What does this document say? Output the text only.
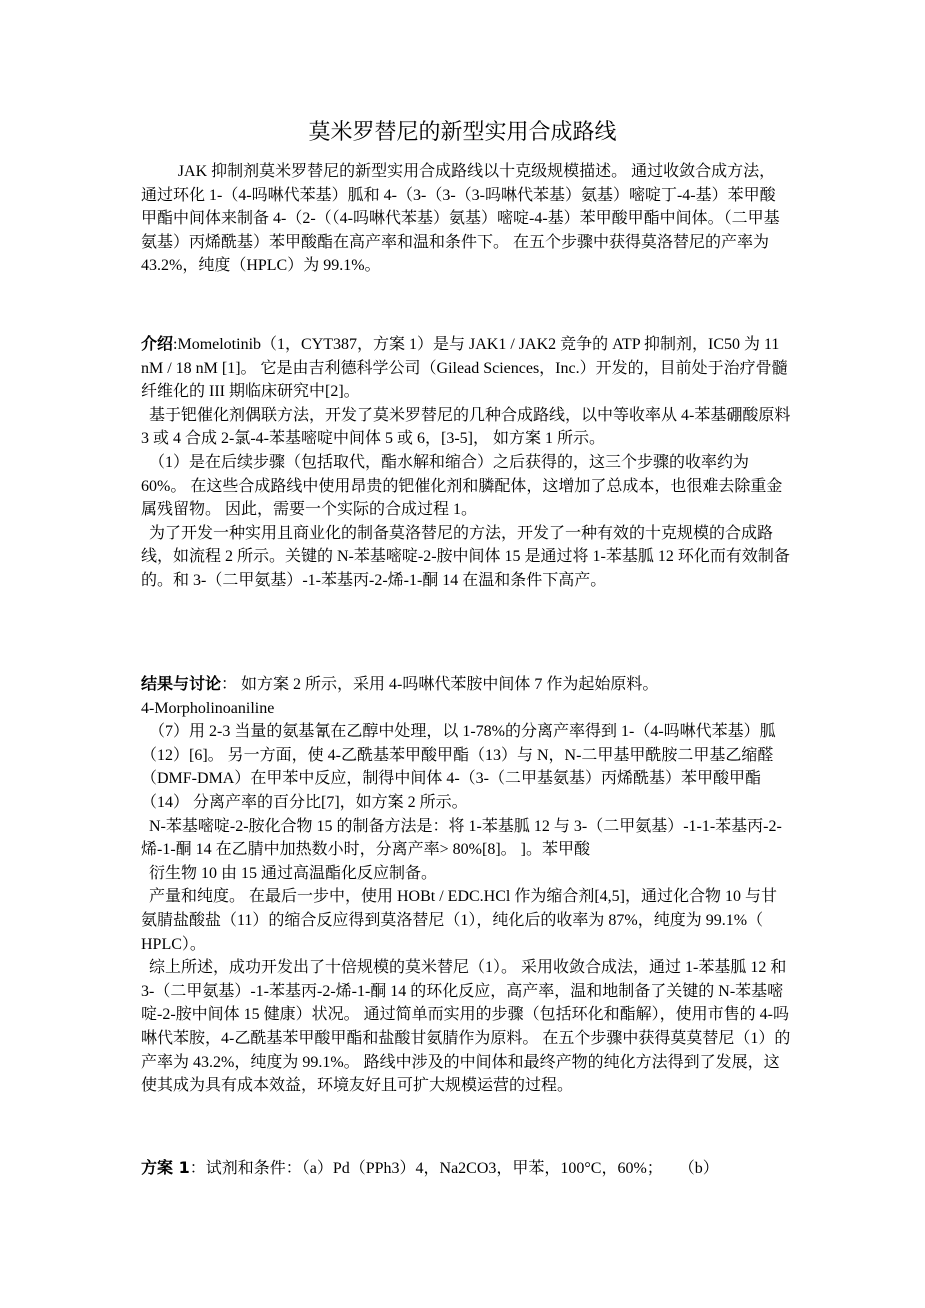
莫米罗替尼的新型实用合成路线

JAK 抑制剂莫米罗替尼的新型实用合成路线以十克级规模描述。 通过收敛合成方法，通过环化 1-（4-吗啉代苯基）胍和 4-（3-（3-（3-吗啉代苯基）氨基）嘧啶丁-4-基）苯甲酸甲酯中间体来制备 4-（2-（（4-吗啉代苯基）氨基）嘧啶-4-基）苯甲酸甲酯中间体。（二甲基氨基）丙烯酰基）苯甲酸酯在高产率和温和条件下。 在五个步骤中获得莫洛替尼的产率为 43.2%，纯度（HPLC）为 99.1%。

介绍:Momelotinib（1，CYT387，方案 1）是与 JAK1 / JAK2 竞争的 ATP 抑制剂，IC50 为 11 nM / 18 nM [1]。 它是由吉利德科学公司（Gilead Sciences，Inc.）开发的，目前处于治疗骨髓纤维化的 III 期临床研究中[2]。

基于钯催化剂偶联方法，开发了莫米罗替尼的几种合成路线，以中等收率从 4-苯基硼酸原料 3 或 4 合成 2-氯-4-苯基嘧啶中间体 5 或 6，[3-5]， 如方案 1 所示。

（1）是在后续步骤（包括取代，酯水解和缩合）之后获得的，这三个步骤的收率约为 60%。 在这些合成路线中使用昂贵的钯催化剂和膦配体，这增加了总成本，也很难去除重金属残留物。 因此，需要一个实际的合成过程 1。

为了开发一种实用且商业化的制备莫洛替尼的方法，开发了一种有效的十克规模的合成路线，如流程 2 所示。关键的 N-苯基嘧啶-2-胺中间体 15 是通过将 1-苯基胍 12 环化而有效制备的。和 3-（二甲氨基）-1-苯基丙-2-烯-1-酮 14 在温和条件下高产。

结果与讨论： 如方案 2 所示，采用 4-吗啉代苯胺中间体 7 作为起始原料。

4-Morpholinoaniline

（7）用 2-3 当量的氨基氰在乙醇中处理，以 1-78%的分离产率得到 1-（4-吗啉代苯基）胍（12）[6]。 另一方面，使 4-乙酰基苯甲酸甲酯（13）与 N，N-二甲基甲酰胺二甲基乙缩醛（DMF-DMA）在甲苯中反应，制得中间体 4-（3-（二甲基氨基）丙烯酰基）苯甲酸甲酯（14） 分离产率的百分比[7]，如方案 2 所示。

N-苯基嘧啶-2-胺化合物 15 的制备方法是：将 1-苯基胍 12 与 3-（二甲氨基）-1-1-苯基丙-2-烯-1-酮 14 在乙腈中加热数小时，分离产率> 80%[8]。 ]。苯甲酸

衍生物 10 由 15 通过高温酯化反应制备。

产量和纯度。 在最后一步中，使用 HOBt / EDC.HCl 作为缩合剂[4,5]，通过化合物 10 与甘氨腈盐酸盐（11）的缩合反应得到莫洛替尼（1），纯化后的收率为 87%，纯度为 99.1%（ HPLC）。

综上所述，成功开发出了十倍规模的莫米替尼（1）。 采用收敛合成法，通过 1-苯基胍 12 和 3-（二甲氨基）-1-苯基丙-2-烯-1-酮 14 的环化反应，高产率，温和地制备了关键的 N-苯基嘧啶-2-胺中间体 15 健康）状况。 通过简单而实用的步骤（包括环化和酯解），使用市售的 4-吗啉代苯胺，4-乙酰基苯甲酸甲酯和盐酸甘氨腈作为原料。 在五个步骤中获得莫莫替尼（1）的产率为 43.2%，纯度为 99.1%。 路线中涉及的中间体和最终产物的纯化方法得到了发展，这使其成为具有成本效益，环境友好且可扩大规模运营的过程。

方案 1：试剂和条件：（a）Pd（PPh3）4，Na2CO3，甲苯，100°C，60%；　　（b）
